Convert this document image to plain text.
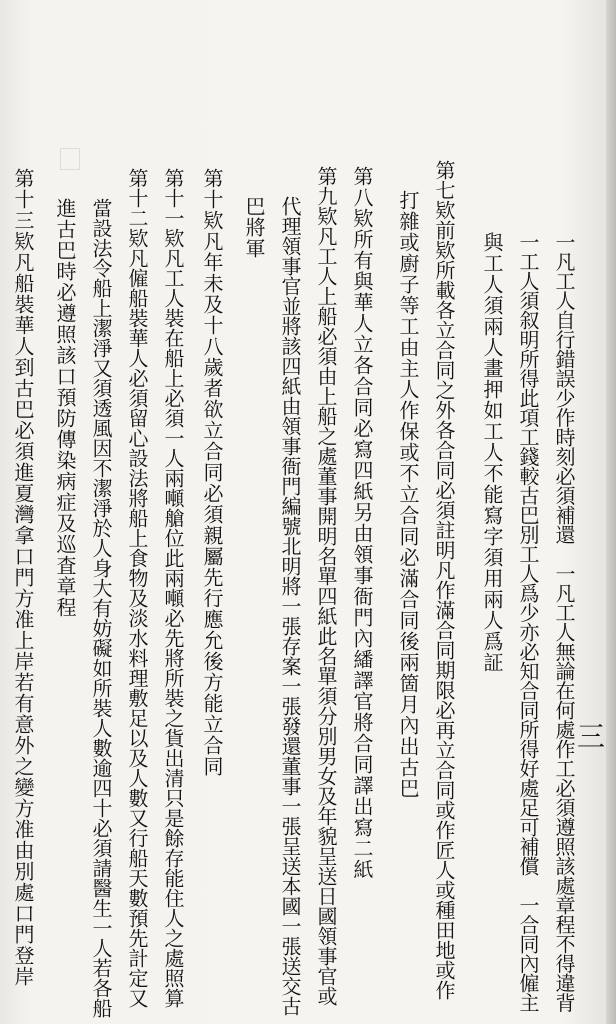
一凡工人自行錯誤少作時刻必須補還　一凡工人無論在何處作工必須遵照該處章程不得違背
一工人須叙明所得此項工錢較古巴別工人爲少亦必知合同所得好處足可補償　一合同內僱主
與工人須兩人畫押如工人不能寫字須用兩人爲証
第七欵前欵所載各立合同之外各合同必須註明凡作滿合同期限必再立合同或作匠人或種田地或作
打雜或廚子等工由主人作保或不立合同必滿合同後兩箇月內出古巴
第八欵所有與華人立各合同必寫四紙另由領事衙門內繙譯官將合同譯出寫二紙
第九欵凡工人上船必須由上船之處董事開明名單四紙此名單須分別男女及年貌呈送日國領事官或
代理領事官並將該四紙由領事衙門編號北明將一張存案一張發還董事一張呈送本國一張送交古
巴將軍
第十欵凡年未及十八歲者欲立合同必須親屬先行應允後方能立合同
第十一欵凡工人裝在船上必須一人兩噸艙位此兩噸必先將所裝之貨出清只是餘存能住人之處照算
第十二欵凡僱船裝華人必須留心設法將船上食物及淡水料理敷足以及人數又行船天數預先計定又
當設法令船上潔淨又須透風因不潔淨於人身大有妨礙如所裝人數逾四十必須請醫生一人若各船
進古巴時必遵照該口預防傳染病症及巡査章程
第十三欵凡船裝華人到古巴必須進夏灣拿口門方准上岸若有意外之變方准由別處口門登岸	三
